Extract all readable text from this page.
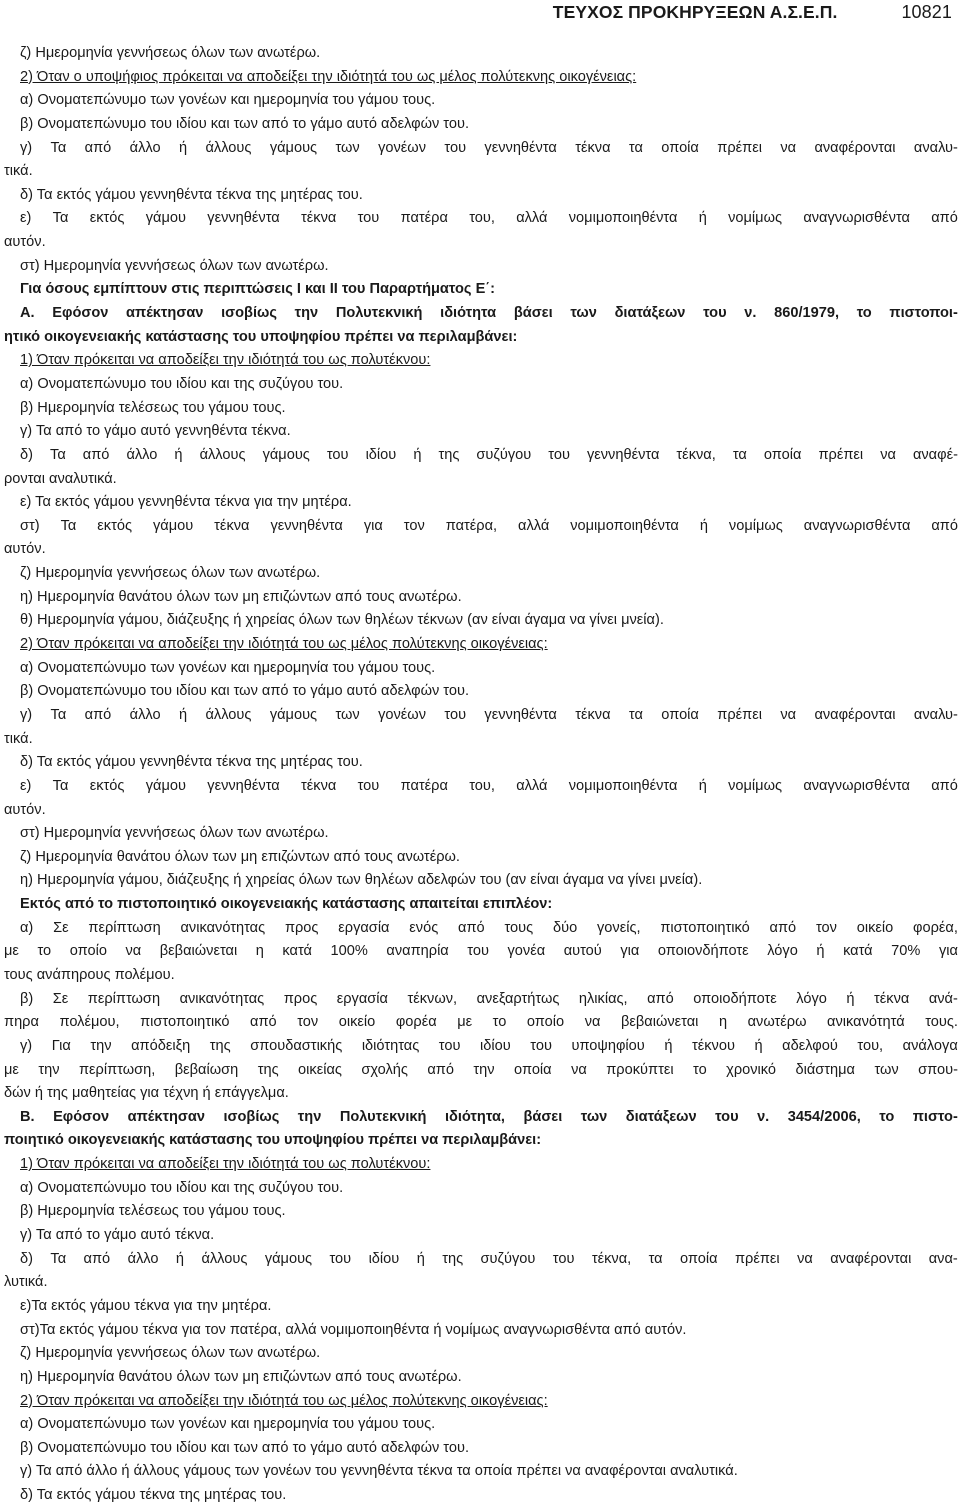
ΤΕΥΧΟΣ ΠΡΟΚΗΡΥΞΕΩΝ Α.Σ.Ε.Π.	10821
ζ) Ημερομηνία γεννήσεως όλων των ανωτέρω.
2) Όταν ο υποψήφιος πρόκειται να αποδείξει την ιδιότητά του ως μέλος πολύτεκνης οικογένειας:
α) Ονοματεπώνυμο των γονέων και ημερομηνία του γάμου τους.
β) Ονοματεπώνυμο του ιδίου και των από το γάμο αυτό αδελφών του.
γ) Τα από άλλο ή άλλους γάμους των γονέων του γεννηθέντα τέκνα τα οποία πρέπει να αναφέρονται αναλυ-
τικά.
δ) Τα εκτός γάμου γεννηθέντα τέκνα της μητέρας του.
ε) Τα εκτός γάμου γεννηθέντα τέκνα του πατέρα του, αλλά νομιμοποιηθέντα ή νομίμως αναγνωρισθέντα από
αυτόν.
στ) Ημερομηνία γεννήσεως όλων των ανωτέρω.
Για όσους εμπίπτουν στις περιπτώσεις I και II του Παραρτήματος Ε΄:
Α. Εφόσον απέκτησαν ισοβίως την Πολυτεκνική ιδιότητα βάσει των διατάξεων του ν. 860/1979, το πιστοποι-
ητικό οικογενειακής κατάστασης του υποψηφίου πρέπει να περιλαμβάνει:
1) Όταν πρόκειται να αποδείξει την ιδιότητά του ως πολυτέκνου:
α) Ονοματεπώνυμο του ιδίου και της συζύγου του.
β) Ημερομηνία τελέσεως του γάμου τους.
γ) Τα από το γάμο αυτό γεννηθέντα τέκνα.
δ) Τα από άλλο ή άλλους γάμους του ιδίου ή της συζύγου του γεννηθέντα τέκνα, τα οποία πρέπει να αναφέ-
ρονται αναλυτικά.
ε) Τα εκτός γάμου γεννηθέντα τέκνα για την μητέρα.
στ) Τα εκτός γάμου τέκνα γεννηθέντα για τον πατέρα, αλλά νομιμοποιηθέντα ή νομίμως αναγνωρισθέντα από
αυτόν.
ζ) Ημερομηνία γεννήσεως όλων των ανωτέρω.
η) Ημερομηνία θανάτου όλων των μη επιζώντων από τους ανωτέρω.
θ) Ημερομηνία γάμου, διάζευξης ή χηρείας όλων των θηλέων τέκνων (αν είναι άγαμα να γίνει μνεία).
2) Όταν πρόκειται να αποδείξει την ιδιότητά του ως μέλος πολύτεκνης οικογένειας:
α) Ονοματεπώνυμο των γονέων και ημερομηνία του γάμου τους.
β) Ονοματεπώνυμο του ιδίου και των από το γάμο αυτό αδελφών του.
γ) Τα από άλλο ή άλλους γάμους των γονέων του γεννηθέντα τέκνα τα οποία πρέπει να αναφέρονται αναλυ-
τικά.
δ) Τα εκτός γάμου γεννηθέντα τέκνα της μητέρας του.
ε) Τα εκτός γάμου γεννηθέντα τέκνα του πατέρα του, αλλά νομιμοποιηθέντα ή νομίμως αναγνωρισθέντα από
αυτόν.
στ) Ημερομηνία γεννήσεως όλων των ανωτέρω.
ζ) Ημερομηνία θανάτου όλων των μη επιζώντων από τους ανωτέρω.
η) Ημερομηνία γάμου, διάζευξης ή χηρείας όλων των θηλέων αδελφών του (αν είναι άγαμα να γίνει μνεία).
Εκτός από το πιστοποιητικό οικογενειακής κατάστασης απαιτείται επιπλέον:
α) Σε περίπτωση ανικανότητας προς εργασία ενός από τους δύο γονείς, πιστοποιητικό από τον οικείο φορέα,
με το οποίο να βεβαιώνεται η κατά 100% αναπηρία του γονέα αυτού για οποιονδήποτε λόγο ή κατά 70% για
τους ανάπηρους πολέμου.
β) Σε περίπτωση ανικανότητας προς εργασία τέκνων, ανεξαρτήτως ηλικίας, από οποιοδήποτε λόγο ή τέκνα ανά-
πηρα πολέμου, πιστοποιητικό από τον οικείο φορέα με το οποίο να βεβαιώνεται η ανωτέρω ανικανότητά τους.
γ) Για την απόδειξη της σπουδαστικής ιδιότητας του ιδίου του υποψηφίου ή τέκνου ή αδελφού του, ανάλογα
με την περίπτωση, βεβαίωση της οικείας σχολής από την οποία να προκύπτει το χρονικό διάστημα των σπου-
δών ή της μαθητείας για τέχνη ή επάγγελμα.
Β. Εφόσον απέκτησαν ισοβίως την Πολυτεκνική ιδιότητα, βάσει των διατάξεων του ν. 3454/2006, το πιστο-
ποιητικό οικογενειακής κατάστασης του υποψηφίου πρέπει να περιλαμβάνει:
1) Όταν πρόκειται να αποδείξει την ιδιότητά του ως πολυτέκνου:
α) Ονοματεπώνυμο του ιδίου και της συζύγου του.
β) Ημερομηνία τελέσεως του γάμου τους.
γ) Τα από το γάμο αυτό τέκνα.
δ) Τα από άλλο ή άλλους γάμους του ιδίου ή της συζύγου του τέκνα, τα οποία πρέπει να αναφέρονται ανα-
λυτικά.
ε)Τα εκτός γάμου τέκνα για την μητέρα.
στ)Τα εκτός γάμου τέκνα για τον πατέρα, αλλά νομιμοποιηθέντα ή νομίμως αναγνωρισθέντα από αυτόν.
ζ) Ημερομηνία γεννήσεως όλων των ανωτέρω.
η) Ημερομηνία θανάτου όλων των μη επιζώντων από τους ανωτέρω.
2) Όταν πρόκειται να αποδείξει την ιδιότητά του ως μέλος πολύτεκνης οικογένειας:
α) Ονοματεπώνυμο των γονέων και ημερομηνία του γάμου τους.
β) Ονοματεπώνυμο του ιδίου και των από το γάμο αυτό αδελφών του.
γ) Τα από άλλο ή άλλους γάμους των γονέων του γεννηθέντα τέκνα τα οποία πρέπει να αναφέρονται αναλυτικά.
δ) Τα εκτός γάμου τέκνα της μητέρας του.
